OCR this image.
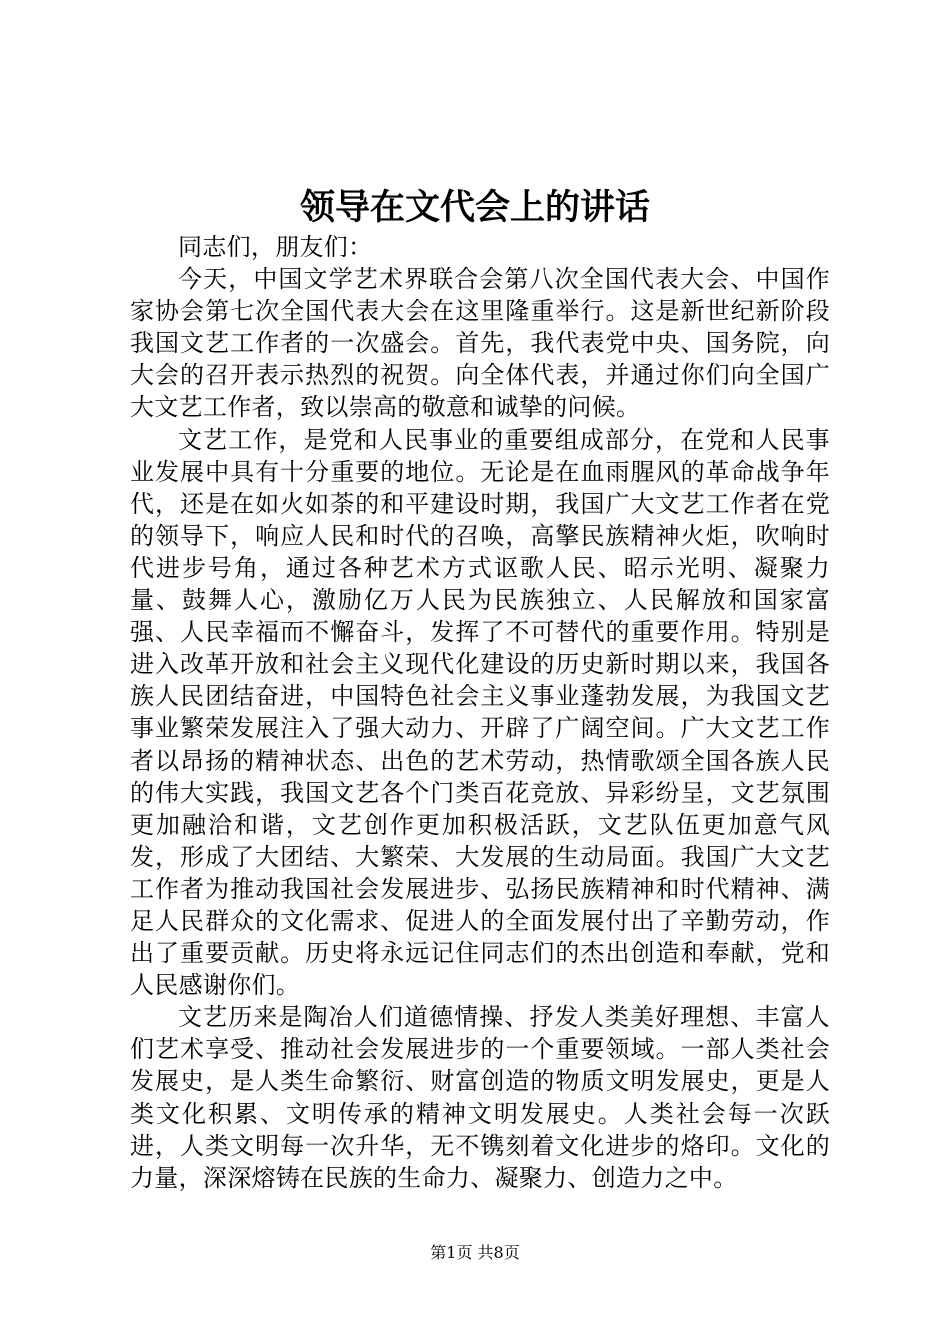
领导在文代会上的讲话

同志们，朋友们：

今天，中国文学艺术界联合会第八次全国代表大会、中国作家协会第七次全国代表大会在这里隆重举行。这是新世纪新阶段我国文艺工作者的一次盛会。首先，我代表党中央、国务院，向大会的召开表示热烈的祝贺。向全体代表，并通过你们向全国广大文艺工作者，致以崇高的敬意和诚挚的问候。

文艺工作，是党和人民事业的重要组成部分，在党和人民事业发展中具有十分重要的地位。无论是在血雨腥风的革命战争年代，还是在如火如荼的和平建设时期，我国广大文艺工作者在党的领导下，响应人民和时代的召唤，高擎民族精神火炬，吹响时代进步号角，通过各种艺术方式讴歌人民、昭示光明、凝聚力量、鼓舞人心，激励亿万人民为民族独立、人民解放和国家富强、人民幸福而不懈奋斗，发挥了不可替代的重要作用。特别是进入改革开放和社会主义现代化建设的历史新时期以来，我国各族人民团结奋进，中国特色社会主义事业蓬勃发展，为我国文艺事业繁荣发展注入了强大动力、开辟了广阔空间。广大文艺工作者以昂扬的精神状态、出色的艺术劳动，热情歌颂全国各族人民的伟大实践，我国文艺各个门类百花竞放、异彩纷呈，文艺氛围更加融洽和谐，文艺创作更加积极活跃，文艺队伍更加意气风发，形成了大团结、大繁荣、大发展的生动局面。我国广大文艺工作者为推动我国社会发展进步、弘扬民族精神和时代精神、满足人民群众的文化需求、促进人的全面发展付出了辛勤劳动，作出了重要贡献。历史将永远记住同志们的杰出创造和奉献，党和人民感谢你们。

文艺历来是陶冶人们道德情操、抒发人类美好理想、丰富人们艺术享受、推动社会发展进步的一个重要领域。一部人类社会发展史，是人类生命繁衍、财富创造的物质文明发展史，更是人类文化积累、文明传承的精神文明发展史。人类社会每一次跃进，人类文明每一次升华，无不镌刻着文化进步的烙印。文化的力量，深深熔铸在民族的生命力、凝聚力、创造力之中。

第1页 共8页
